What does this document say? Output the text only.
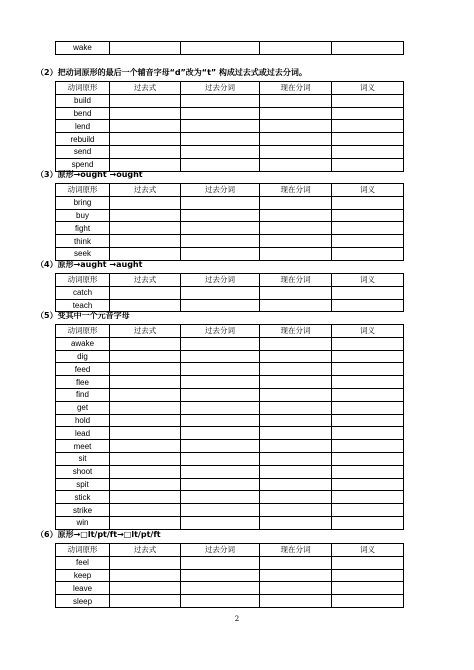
wake				
（2）把动词原形的最后一个辅音字母“d”改为“t” 构成过去式或过去分词。
动词原形	过去式	过去分词	现在分词	词义
build				
bend				
lend				
rebuild				
send				
spend				
（3）原形→ought →ought
动词原形	过去式	过去分词	现在分词	词义
bring				
buy				
fight				
think				
seek				
（4）原形→aught →aught
动词原形	过去式	过去分词	现在分词	词义
catch				
teach				
（5）变其中一个元音字母
动词原形	过去式	过去分词	现在分词	词义
awake				
dig				
feed				
flee				
find				
get				
hold				
lead				
meet				
sit				
shoot				
spit				
stick				
strike				
win				
（6）原形→□lt/pt/ft→□lt/pt/ft
动词原形	过去式	过去分词	现在分词	词义
feel				
keep				
leave				
sleep				
2
